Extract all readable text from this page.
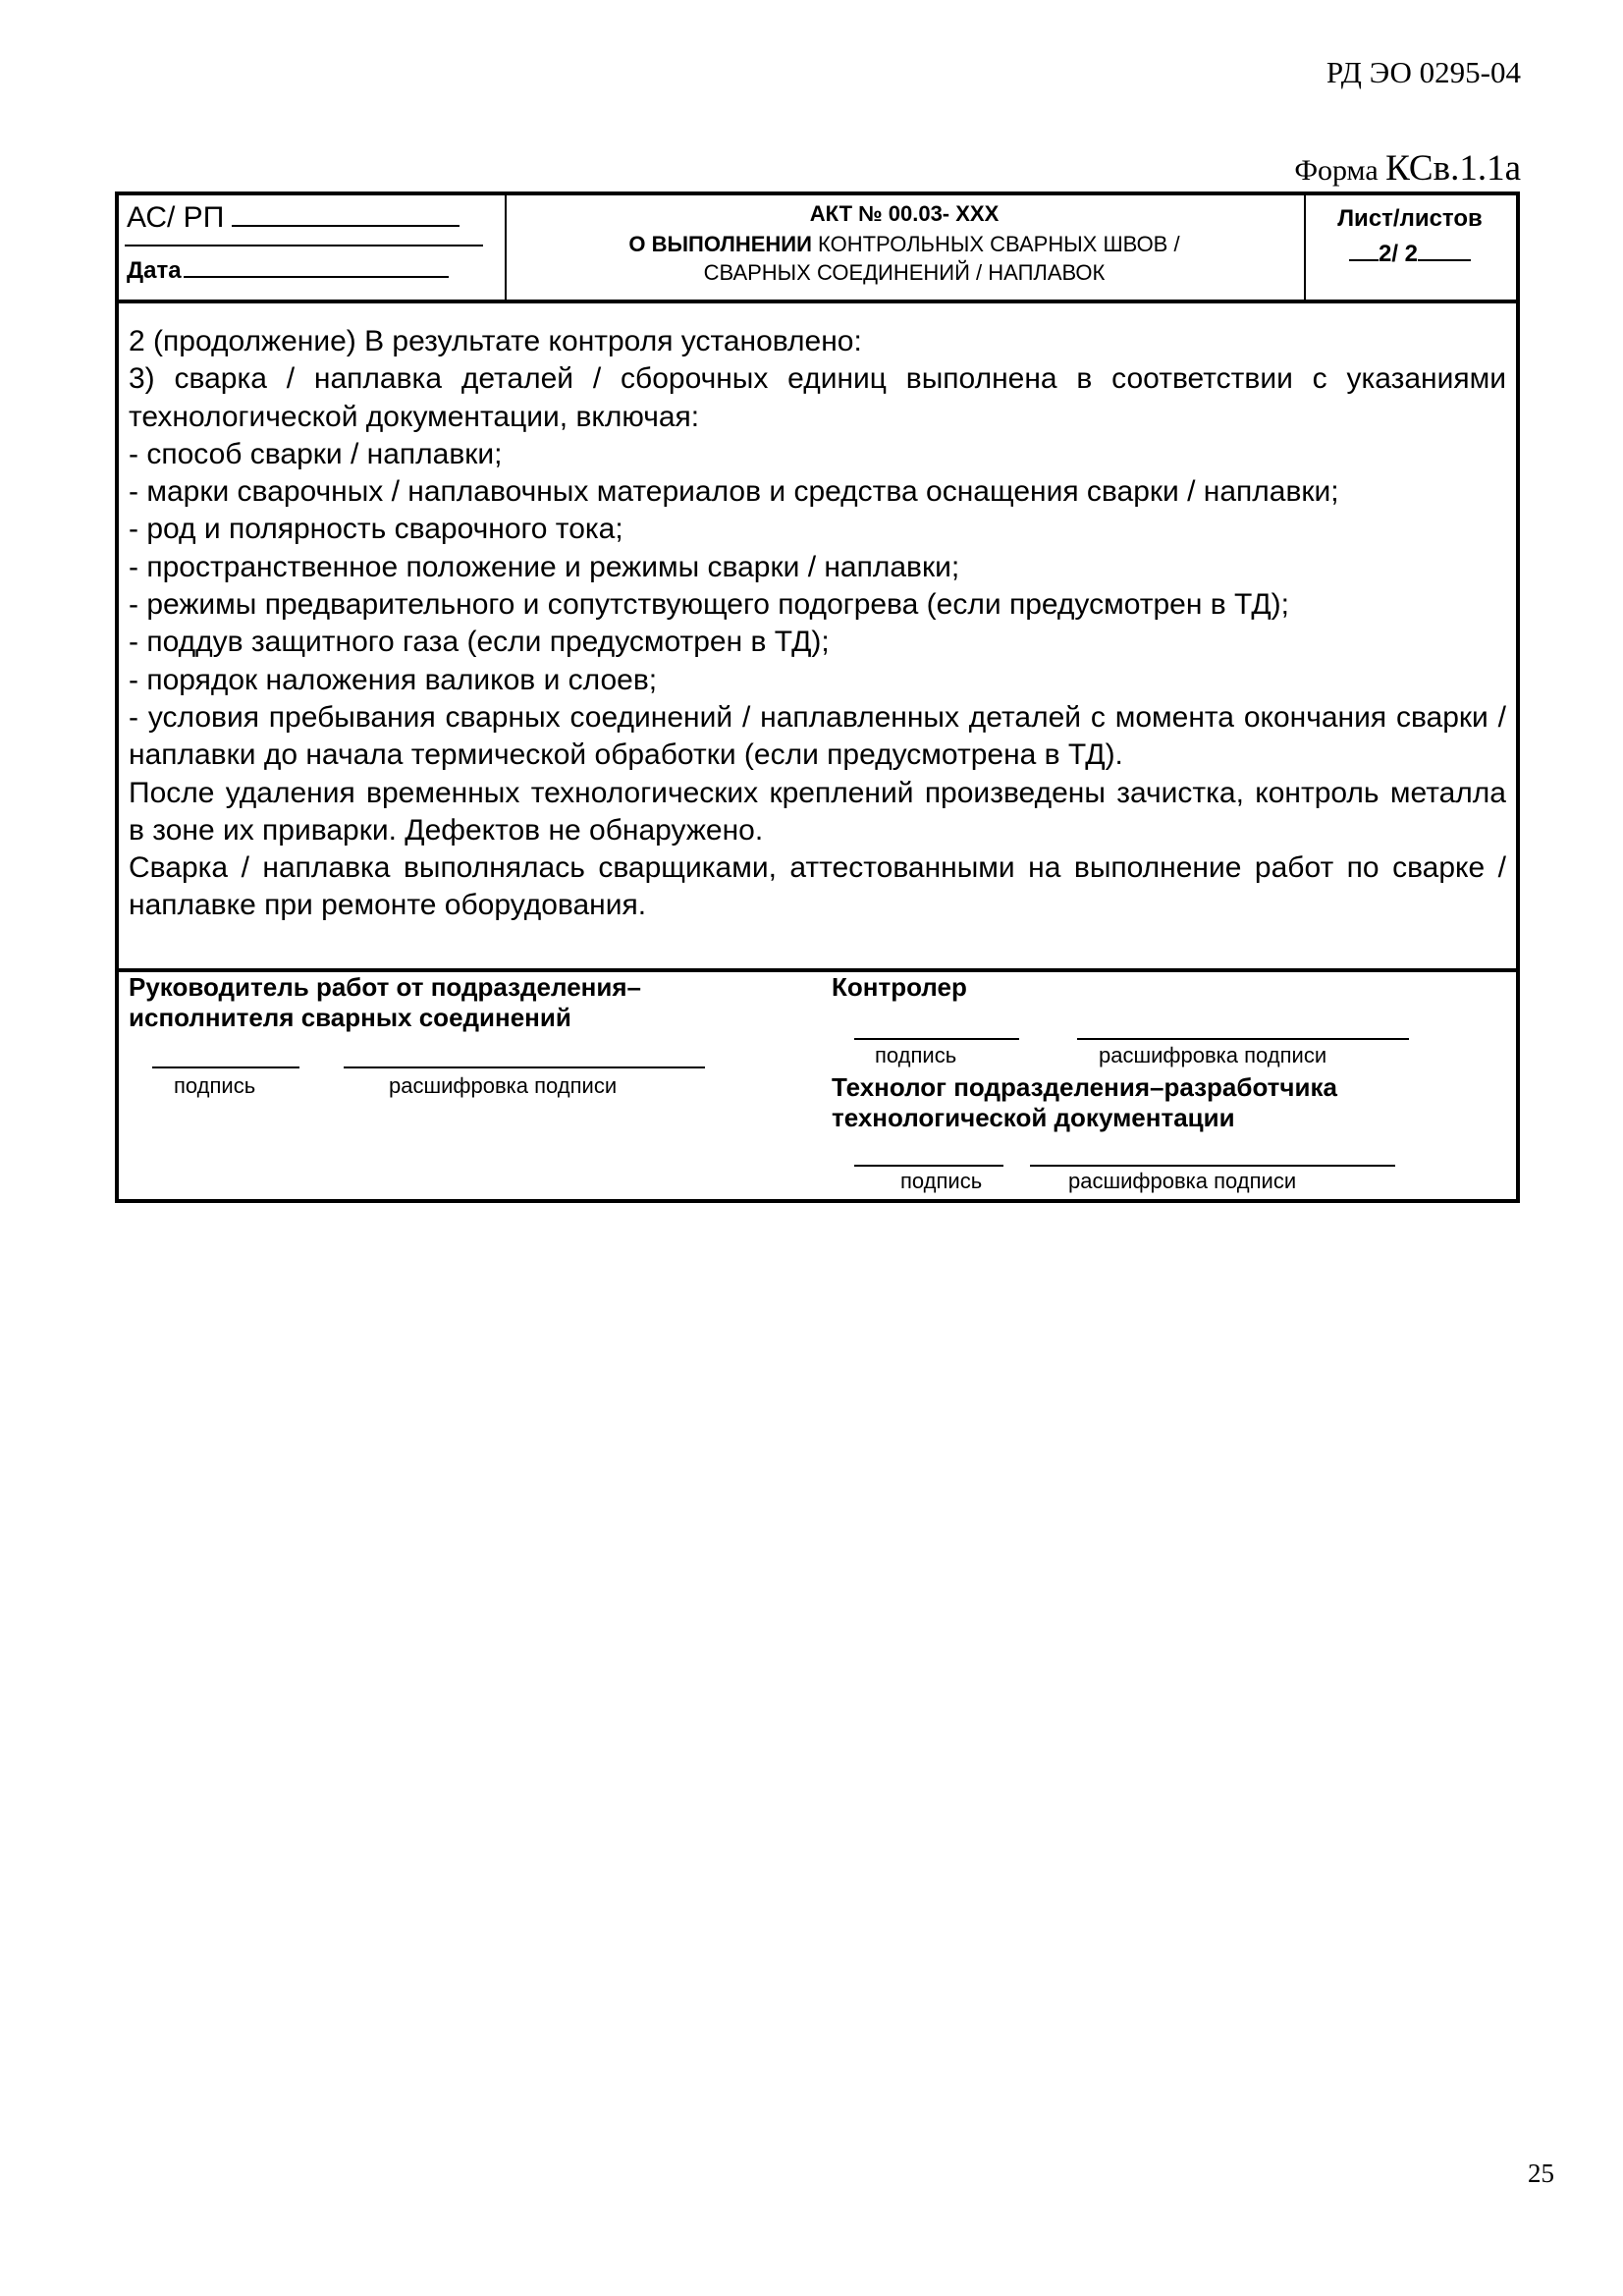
РД ЭО 0295-04
Форма КСв.1.1а
АС/ РП
Дата
АКТ № 00.03- XXX
О ВЫПОЛНЕНИИ КОНТРОЛЬНЫХ СВАРНЫХ ШВОВ /
СВАРНЫХ СОЕДИНЕНИЙ / НАПЛАВОК
Лист/листов
2/ 2

2 (продолжение) В результате контроля установлено:

3) сварка / наплавка деталей / сборочных единиц выполнена в соответствии с указаниями технологической документации, включая:

- способ сварки / наплавки;

- марки сварочных / наплавочных материалов и средства оснащения сварки / наплавки;

- род и полярность сварочного тока;

- пространственное положение и режимы сварки / наплавки;

- режимы предварительного и сопутствующего подогрева (если предусмотрен в ТД);

- поддув защитного газа (если предусмотрен в ТД);

- порядок наложения валиков и слоев;

- условия пребывания сварных соединений / наплавленных деталей с момента окончания сварки / наплавки до начала термической обработки (если предусмотрена в ТД).

После удаления временных технологических креплений произведены зачистка, контроль металла в зоне их приварки. Дефектов не обнаружено.

Сварка / наплавка выполнялась сварщиками, аттестованными на выполнение работ по сварке / наплавке при ремонте оборудования.

Руководитель работ от подразделения–
исполнителя сварных соединений
подпись	расшифровка подписи
Контролер
подпись	расшифровка подписи
Технолог подразделения–разработчика
технологической документации
подпись	расшифровка подписи
25
